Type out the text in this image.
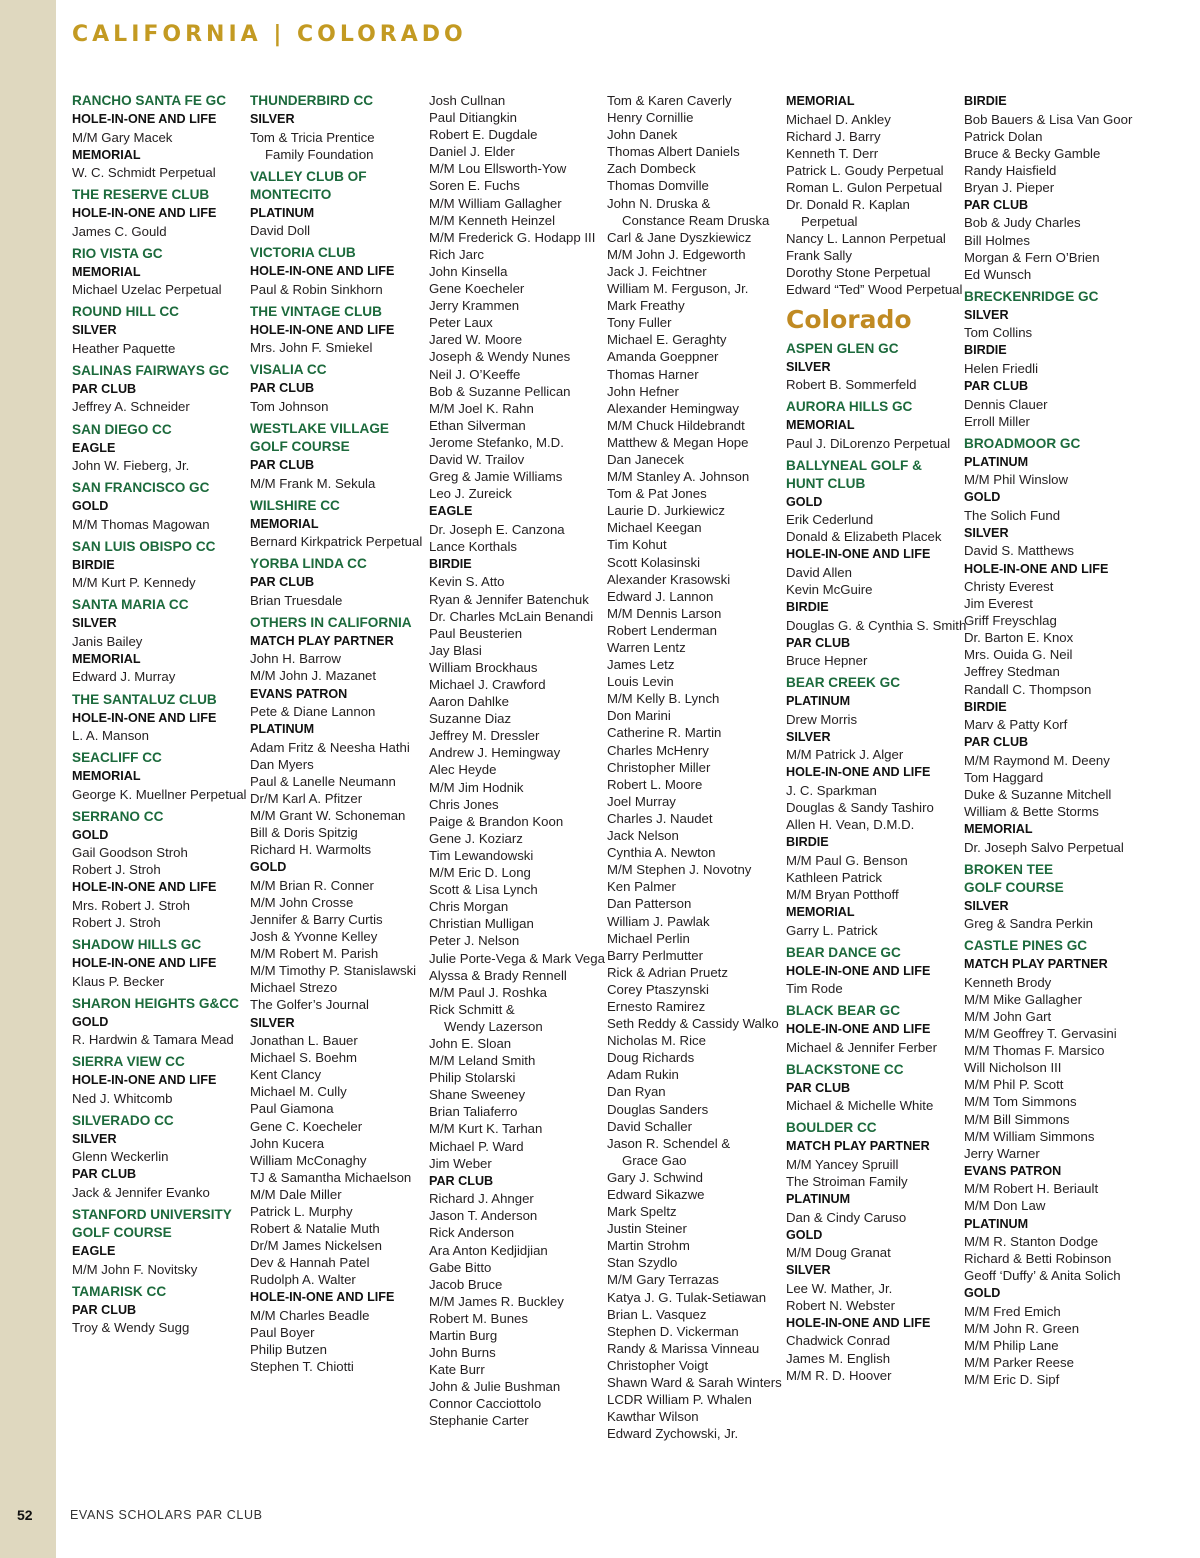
CALIFORNIA | COLORADO
RANCHO SANTA FE GC
HOLE-IN-ONE AND LIFE
M/M Gary Macek
MEMORIAL
W. C. Schmidt Perpetual
THE RESERVE CLUB
HOLE-IN-ONE AND LIFE
James C. Gould
RIO VISTA GC
MEMORIAL
Michael Uzelac Perpetual
ROUND HILL CC
SILVER
Heather Paquette
SALINAS FAIRWAYS GC
PAR CLUB
Jeffrey A. Schneider
SAN DIEGO CC
EAGLE
John W. Fieberg, Jr.
SAN FRANCISCO GC
GOLD
M/M Thomas Magowan
SAN LUIS OBISPO CC
BIRDIE
M/M Kurt P. Kennedy
SANTA MARIA CC
SILVER
Janis Bailey
MEMORIAL
Edward J. Murray
THE SANTALUZ CLUB
HOLE-IN-ONE AND LIFE
L. A. Manson
SEACLIFF CC
MEMORIAL
George K. Muellner Perpetual
SERRANO CC
GOLD
Gail Goodson Stroh
Robert J. Stroh
HOLE-IN-ONE AND LIFE
Mrs. Robert J. Stroh
Robert J. Stroh
SHADOW HILLS GC
HOLE-IN-ONE AND LIFE
Klaus P. Becker
SHARON HEIGHTS G&CC
GOLD
R. Hardwin & Tamara Mead
SIERRA VIEW CC
HOLE-IN-ONE AND LIFE
Ned J. Whitcomb
SILVERADO CC
SILVER
Glenn Weckerlin
PAR CLUB
Jack & Jennifer Evanko
STANFORD UNIVERSITY
GOLF COURSE
EAGLE
M/M John F. Novitsky
TAMARISK CC
PAR CLUB
Troy & Wendy Sugg
THUNDERBIRD CC
SILVER
Tom & Tricia Prentice
Family Foundation
VALLEY CLUB OF
MONTECITO
PLATINUM
David Doll
VICTORIA CLUB
HOLE-IN-ONE AND LIFE
Paul & Robin Sinkhorn
THE VINTAGE CLUB
HOLE-IN-ONE AND LIFE
Mrs. John F. Smiekel
VISALIA CC
PAR CLUB
Tom Johnson
WESTLAKE VILLAGE
GOLF COURSE
PAR CLUB
M/M Frank M. Sekula
WILSHIRE CC
MEMORIAL
Bernard Kirkpatrick Perpetual
YORBA LINDA CC
PAR CLUB
Brian Truesdale
OTHERS IN CALIFORNIA
MATCH PLAY PARTNER
John H. Barrow
M/M John J. Mazanet
EVANS PATRON
Pete & Diane Lannon
PLATINUM
Adam Fritz & Neesha Hathi
Dan Myers
Paul & Lanelle Neumann
Dr/M Karl A. Pfitzer
M/M Grant W. Schoneman
Bill & Doris Spitzig
Richard H. Warmolts
GOLD
M/M Brian R. Conner
M/M John Crosse
Jennifer & Barry Curtis
Josh & Yvonne Kelley
M/M Robert M. Parish
M/M Timothy P. Stanislawski
Michael Strezo
The Golfer’s Journal
SILVER
Jonathan L. Bauer
Michael S. Boehm
Kent Clancy
Michael M. Cully
Paul Giamona
Gene C. Koecheler
John Kucera
William McConaghy
TJ & Samantha Michaelson
M/M Dale Miller
Patrick L. Murphy
Robert & Natalie Muth
Dr/M James Nickelsen
Dev & Hannah Patel
Rudolph A. Walter
HOLE-IN-ONE AND LIFE
M/M Charles Beadle
Paul Boyer
Philip Butzen
Stephen T. Chiotti
Josh Cullnan
Paul Ditiangkin
Robert E. Dugdale
Daniel J. Elder
M/M Lou Ellsworth-Yow
Soren E. Fuchs
M/M William Gallagher
M/M Kenneth Heinzel
M/M Frederick G. Hodapp III
Rich Jarc
John Kinsella
Gene Koecheler
Jerry Krammen
Peter Laux
Jared W. Moore
Joseph & Wendy Nunes
Neil J. O’Keeffe
Bob & Suzanne Pellican
M/M Joel K. Rahn
Ethan Silverman
Jerome Stefanko, M.D.
David W. Trailov
Greg & Jamie Williams
Leo J. Zureick
EAGLE
Dr. Joseph E. Canzona
Lance Korthals
BIRDIE
Kevin S. Atto
Ryan & Jennifer Batenchuk
Dr. Charles McLain Benandi
Paul Beusterien
Jay Blasi
William Brockhaus
Michael J. Crawford
Aaron Dahlke
Suzanne Diaz
Jeffrey M. Dressler
Andrew J. Hemingway
Alec Heyde
M/M Jim Hodnik
Chris Jones
Paige & Brandon Koon
Gene J. Koziarz
Tim Lewandowski
M/M Eric D. Long
Scott & Lisa Lynch
Chris Morgan
Christian Mulligan
Peter J. Nelson
Julie Porte-Vega & Mark Vega
Alyssa & Brady Rennell
M/M Paul J. Roshka
Rick Schmitt &
Wendy Lazerson
John E. Sloan
M/M Leland Smith
Philip Stolarski
Shane Sweeney
Brian Taliaferro
M/M Kurt K. Tarhan
Michael P. Ward
Jim Weber
PAR CLUB
Richard J. Ahnger
Jason T. Anderson
Rick Anderson
Ara Anton Kedjidjian
Gabe Bitto
Jacob Bruce
M/M James R. Buckley
Robert M. Bunes
Martin Burg
John Burns
Kate Burr
John & Julie Bushman
Connor Cacciottolo
Stephanie Carter
Tom & Karen Caverly
Henry Cornillie
John Danek
Thomas Albert Daniels
Zach Dombeck
Thomas Domville
John N. Druska &
Constance Ream Druska
Carl & Jane Dyszkiewicz
M/M John J. Edgeworth
Jack J. Feichtner
William M. Ferguson, Jr.
Mark Freathy
Tony Fuller
Michael E. Geraghty
Amanda Goeppner
Thomas Harner
John Hefner
Alexander Hemingway
M/M Chuck Hildebrandt
Matthew & Megan Hope
Dan Janecek
M/M Stanley A. Johnson
Tom & Pat Jones
Laurie D. Jurkiewicz
Michael Keegan
Tim Kohut
Scott Kolasinski
Alexander Krasowski
Edward J. Lannon
M/M Dennis Larson
Robert Lenderman
Warren Lentz
James Letz
Louis Levin
M/M Kelly B. Lynch
Don Marini
Catherine R. Martin
Charles McHenry
Christopher Miller
Robert L. Moore
Joel Murray
Charles J. Naudet
Jack Nelson
Cynthia A. Newton
M/M Stephen J. Novotny
Ken Palmer
Dan Patterson
William J. Pawlak
Michael Perlin
Barry Perlmutter
Rick & Adrian Pruetz
Corey Ptaszynski
Ernesto Ramirez
Seth Reddy & Cassidy Walko
Nicholas M. Rice
Doug Richards
Adam Rukin
Dan Ryan
Douglas Sanders
David Schaller
Jason R. Schendel &
Grace Gao
Gary J. Schwind
Edward Sikazwe
Mark Speltz
Justin Steiner
Martin Strohm
Stan Szydlo
M/M Gary Terrazas
Katya J. G. Tulak-Setiawan
Brian L. Vasquez
Stephen D. Vickerman
Randy & Marissa Vinneau
Christopher Voigt
Shawn Ward & Sarah Winters
LCDR William P. Whalen
Kawthar Wilson
Edward Zychowski, Jr.
MEMORIAL
Michael D. Ankley
Richard J. Barry
Kenneth T. Derr
Patrick L. Goudy Perpetual
Roman L. Gulon Perpetual
Dr. Donald R. Kaplan
Perpetual
Nancy L. Lannon Perpetual
Frank Sally
Dorothy Stone Perpetual
Edward “Ted” Wood Perpetual
Colorado
ASPEN GLEN GC
SILVER
Robert B. Sommerfeld
AURORA HILLS GC
MEMORIAL
Paul J. DiLorenzo Perpetual
BALLYNEAL GOLF &
HUNT CLUB
GOLD
Erik Cederlund
Donald & Elizabeth Placek
HOLE-IN-ONE AND LIFE
David Allen
Kevin McGuire
BIRDIE
Douglas G. & Cynthia S. Smith
PAR CLUB
Bruce Hepner
BEAR CREEK GC
PLATINUM
Drew Morris
SILVER
M/M Patrick J. Alger
HOLE-IN-ONE AND LIFE
J. C. Sparkman
Douglas & Sandy Tashiro
Allen H. Vean, D.M.D.
BIRDIE
M/M Paul G. Benson
Kathleen Patrick
M/M Bryan Potthoff
MEMORIAL
Garry L. Patrick
BEAR DANCE GC
HOLE-IN-ONE AND LIFE
Tim Rode
BLACK BEAR GC
HOLE-IN-ONE AND LIFE
Michael & Jennifer Ferber
BLACKSTONE CC
PAR CLUB
Michael & Michelle White
BOULDER CC
MATCH PLAY PARTNER
M/M Yancey Spruill
The Stroiman Family
PLATINUM
Dan & Cindy Caruso
GOLD
M/M Doug Granat
SILVER
Lee W. Mather, Jr.
Robert N. Webster
HOLE-IN-ONE AND LIFE
Chadwick Conrad
James M. English
M/M R. D. Hoover
BIRDIE
Bob Bauers & Lisa Van Goor
Patrick Dolan
Bruce & Becky Gamble
Randy Haisfield
Bryan J. Pieper
PAR CLUB
Bob & Judy Charles
Bill Holmes
Morgan & Fern O’Brien
Ed Wunsch
BRECKENRIDGE GC
SILVER
Tom Collins
BIRDIE
Helen Friedli
PAR CLUB
Dennis Clauer
Erroll Miller
BROADMOOR GC
PLATINUM
M/M Phil Winslow
GOLD
The Solich Fund
SILVER
David S. Matthews
HOLE-IN-ONE AND LIFE
Christy Everest
Jim Everest
Griff Freyschlag
Dr. Barton E. Knox
Mrs. Ouida G. Neil
Jeffrey Stedman
Randall C. Thompson
BIRDIE
Marv & Patty Korf
PAR CLUB
M/M Raymond M. Deeny
Tom Haggard
Duke & Suzanne Mitchell
William & Bette Storms
MEMORIAL
Dr. Joseph Salvo Perpetual
BROKEN TEE
GOLF COURSE
SILVER
Greg & Sandra Perkin
CASTLE PINES GC
MATCH PLAY PARTNER
Kenneth Brody
M/M Mike Gallagher
M/M John Gart
M/M Geoffrey T. Gervasini
M/M Thomas F. Marsico
Will Nicholson III
M/M Phil P. Scott
M/M Tom Simmons
M/M Bill Simmons
M/M William Simmons
Jerry Warner
EVANS PATRON
M/M Robert H. Beriault
M/M Don Law
PLATINUM
M/M R. Stanton Dodge
Richard & Betti Robinson
Geoff ‘Duffy’ & Anita Solich
GOLD
M/M Fred Emich
M/M John R. Green
M/M Philip Lane
M/M Parker Reese
M/M Eric D. Sipf
52	EVANS SCHOLARS PAR CLUB
